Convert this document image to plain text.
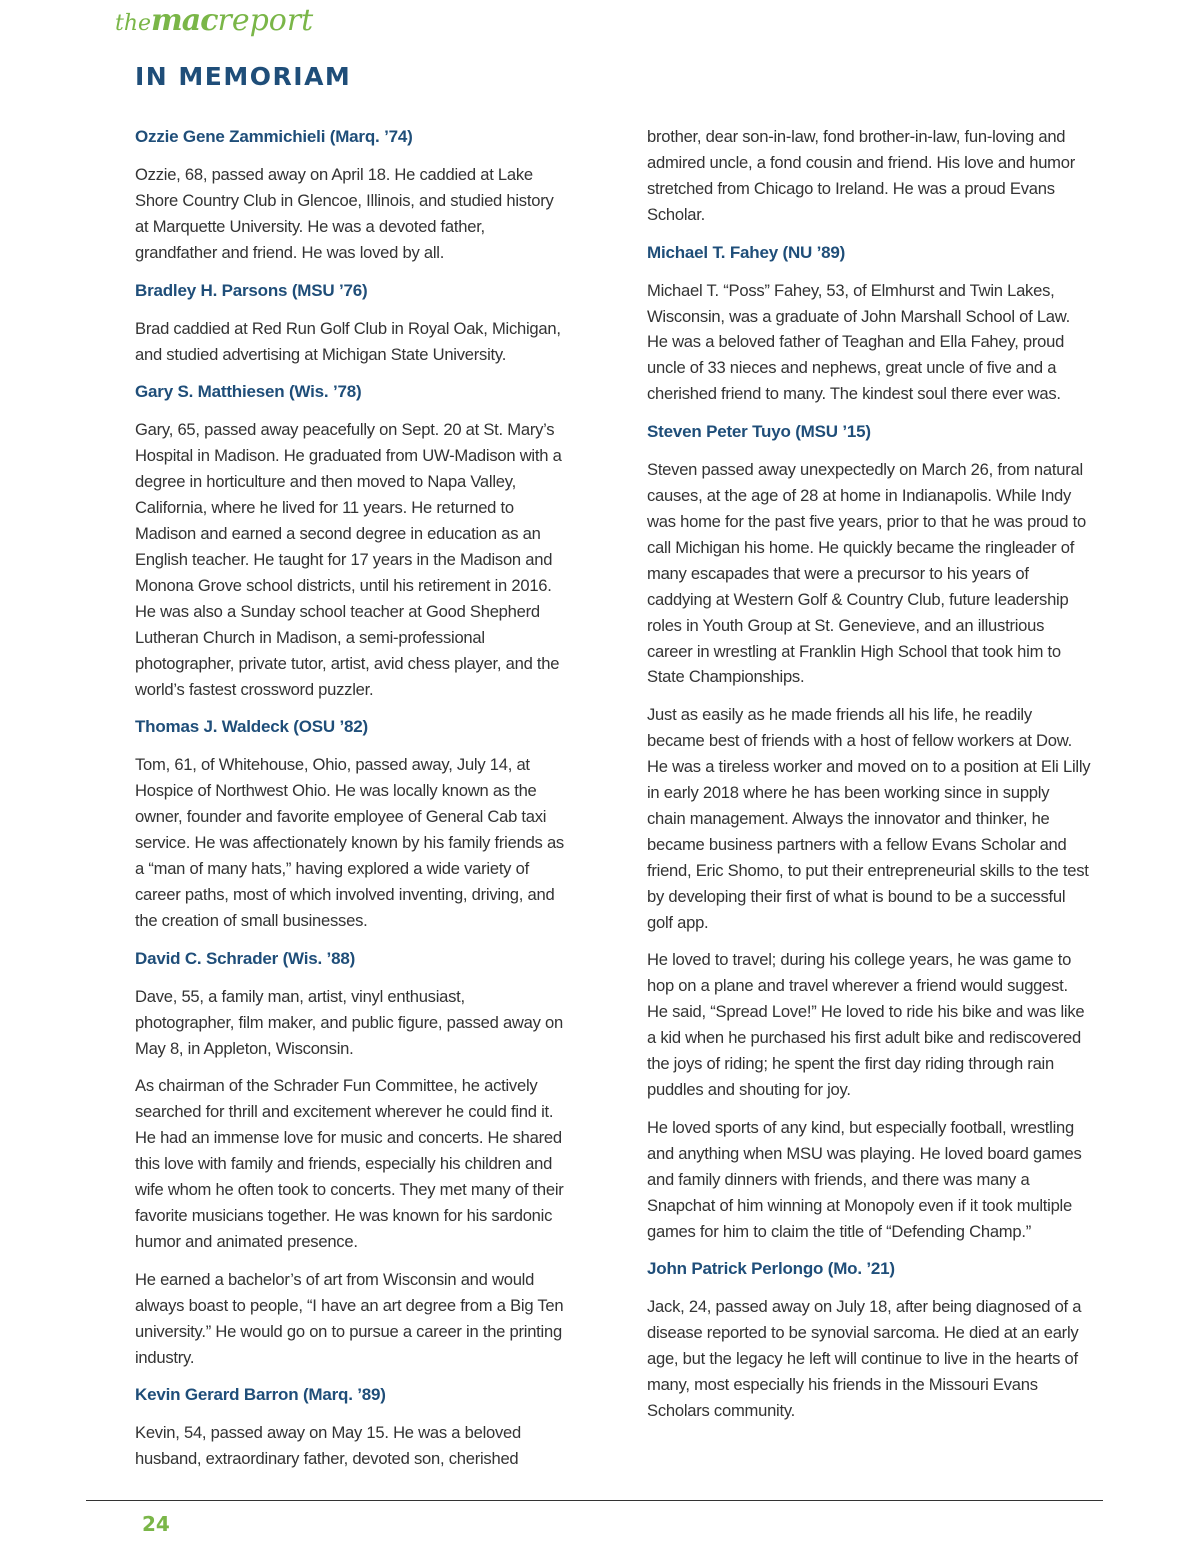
themacreport
IN MEMORIAM

Ozzie Gene Zammichieli (Marq. ’74)

Ozzie, 68, passed away on April 18. He caddied at Lake Shore Country Club in Glencoe, Illinois, and studied history at Marquette University. He was a devoted father, grandfather and friend. He was loved by all.

Bradley H. Parsons (MSU ’76)

Brad caddied at Red Run Golf Club in Royal Oak, Michigan, and studied advertising at Michigan State University.

Gary S. Matthiesen (Wis. ’78)

Gary, 65, passed away peacefully on Sept. 20 at St. Mary’s Hospital in Madison. He graduated from UW-Madison with a degree in horticulture and then moved to Napa Valley, California, where he lived for 11 years. He returned to Madison and earned a second degree in education as an English teacher. He taught for 17 years in the Madison and Monona Grove school districts, until his retirement in 2016. He was also a Sunday school teacher at Good Shepherd Lutheran Church in Madison, a semi-professional photographer, private tutor, artist, avid chess player, and the world’s fastest crossword puzzler.

Thomas J. Waldeck (OSU ’82)

Tom, 61, of Whitehouse, Ohio, passed away, July 14, at Hospice of Northwest Ohio. He was locally known as the owner, founder and favorite employee of General Cab taxi service. He was affectionately known by his family friends as a “man of many hats,” having explored a wide variety of career paths, most of which involved inventing, driving, and the creation of small businesses.

David C. Schrader (Wis. ’88)

Dave, 55, a family man, artist, vinyl enthusiast, photographer, film maker, and public figure, passed away on May 8, in Appleton, Wisconsin.

As chairman of the Schrader Fun Committee, he actively searched for thrill and excitement wherever he could find it. He had an immense love for music and concerts. He shared this love with family and friends, especially his children and wife whom he often took to concerts. They met many of their favorite musicians together. He was known for his sardonic humor and animated presence.

He earned a bachelor’s of art from Wisconsin and would always boast to people, “I have an art degree from a Big Ten university.” He would go on to pursue a career in the printing industry.

Kevin Gerard Barron (Marq. ’89)

Kevin, 54, passed away on May 15. He was a beloved husband, extraordinary father, devoted son, cherished

brother, dear son-in-law, fond brother-in-law, fun-loving and admired uncle, a fond cousin and friend. His love and humor stretched from Chicago to Ireland. He was a proud Evans Scholar.

Michael T. Fahey (NU ’89)

Michael T. “Poss” Fahey, 53, of Elmhurst and Twin Lakes, Wisconsin, was a graduate of John Marshall School of Law. He was a beloved father of Teaghan and Ella Fahey, proud uncle of 33 nieces and nephews, great uncle of five and a cherished friend to many. The kindest soul there ever was.

Steven Peter Tuyo (MSU ’15)

Steven passed away unexpectedly on March 26, from natural causes, at the age of 28 at home in Indianapolis. While Indy was home for the past five years, prior to that he was proud to call Michigan his home. He quickly became the ringleader of many escapades that were a precursor to his years of caddying at Western Golf & Country Club, future leadership roles in Youth Group at St. Genevieve, and an illustrious career in wrestling at Franklin High School that took him to State Championships.

Just as easily as he made friends all his life, he readily became best of friends with a host of fellow workers at Dow. He was a tireless worker and moved on to a position at Eli Lilly in early 2018 where he has been working since in supply chain management. Always the innovator and thinker, he became business partners with a fellow Evans Scholar and friend, Eric Shomo, to put their entrepreneurial skills to the test by developing their first of what is bound to be a successful golf app.

He loved to travel; during his college years, he was game to hop on a plane and travel wherever a friend would suggest. He said, “Spread Love!” He loved to ride his bike and was like a kid when he purchased his first adult bike and rediscovered the joys of riding; he spent the first day riding through rain puddles and shouting for joy.

He loved sports of any kind, but especially football, wrestling and anything when MSU was playing. He loved board games and family dinners with friends, and there was many a Snapchat of him winning at Monopoly even if it took multiple games for him to claim the title of “Defending Champ.”

John Patrick Perlongo (Mo. ’21)

Jack, 24, passed away on July 18, after being diagnosed of a disease reported to be synovial sarcoma. He died at an early age, but the legacy he left will continue to live in the hearts of many, most especially his friends in the Missouri Evans Scholars community.

24
